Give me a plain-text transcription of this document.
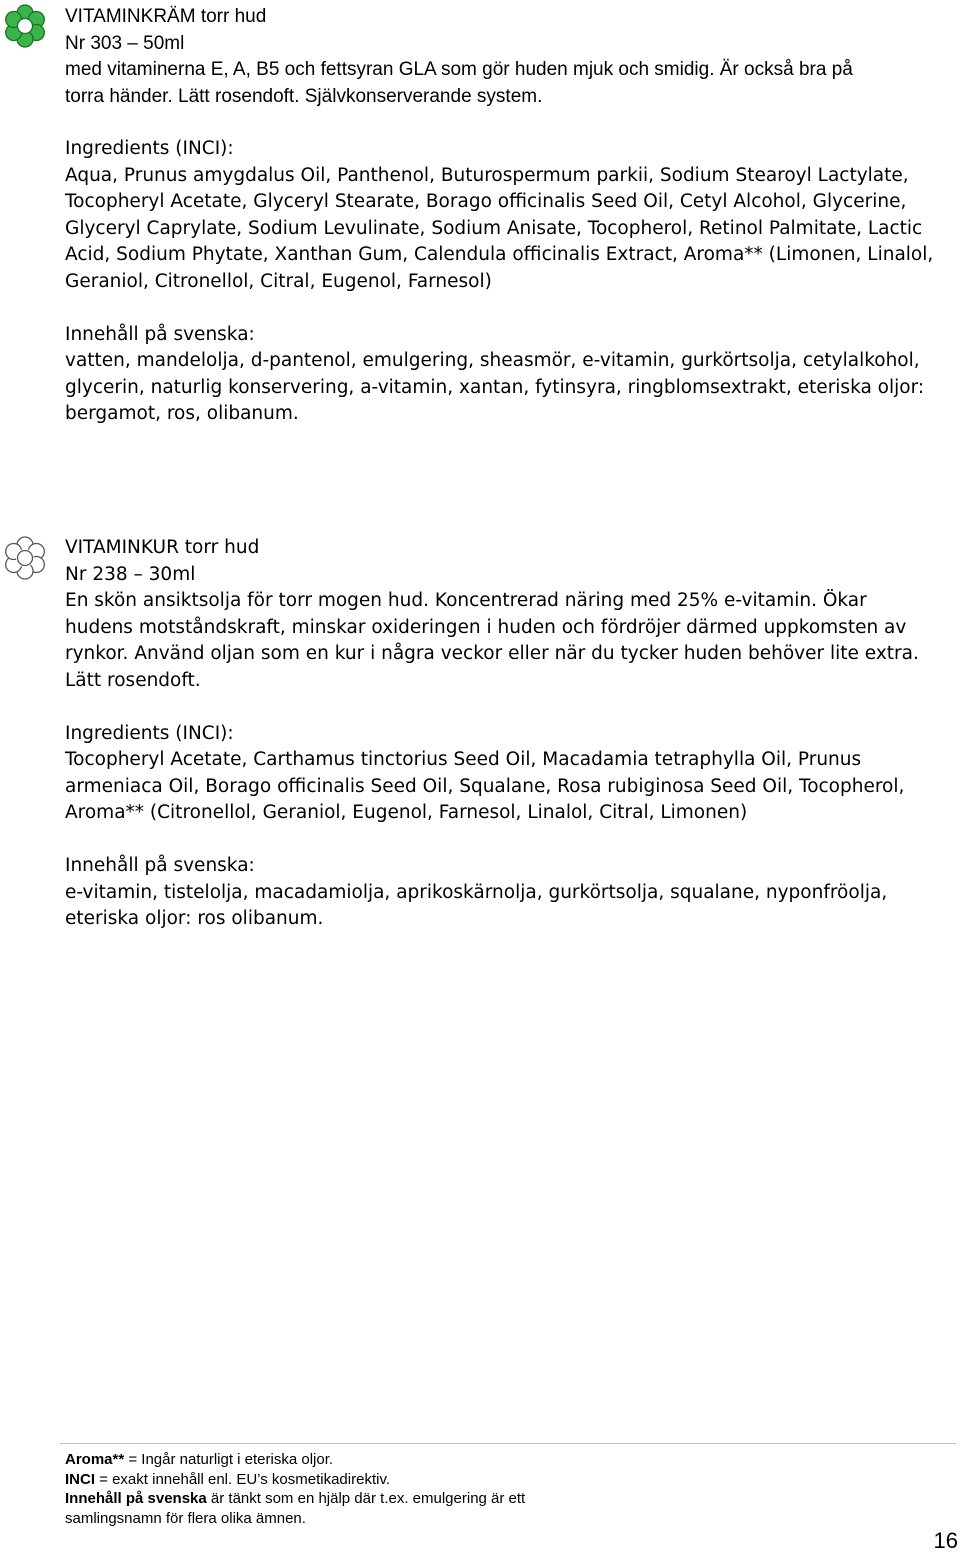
VITAMINKRÄM torr hud

Nr 303 – 50ml

med vitaminerna E, A, B5 och fettsyran GLA som gör huden mjuk och smidig. Är också bra på

torra händer. Lätt rosendoft. Självkonserverande system.

Ingredients (INCI):

Aqua, Prunus amygdalus Oil, Panthenol, Buturospermum parkii, Sodium Stearoyl Lactylate,

Tocopheryl Acetate, Glyceryl Stearate, Borago officinalis Seed Oil, Cetyl Alcohol, Glycerine,

Glyceryl Caprylate, Sodium Levulinate, Sodium Anisate, Tocopherol, Retinol Palmitate, Lactic

Acid, Sodium Phytate, Xanthan Gum, Calendula officinalis Extract, Aroma** (Limonen, Linalol,

Geraniol, Citronellol, Citral, Eugenol, Farnesol)

Innehåll på svenska:

vatten, mandelolja, d-pantenol, emulgering, sheasmör, e-vitamin, gurkörtsolja, cetylalkohol,

glycerin, naturlig konservering, a-vitamin, xantan, fytinsyra, ringblomsextrakt, eteriska oljor:

bergamot, ros, olibanum.

VITAMINKUR torr hud

Nr 238 – 30ml

En skön ansiktsolja för torr mogen hud. Koncentrerad näring med 25% e-vitamin. Ökar

hudens motståndskraft, minskar oxideringen i huden och fördröjer därmed uppkomsten av

rynkor. Använd oljan som en kur i några veckor eller när du tycker huden behöver lite extra.

Lätt rosendoft.

Ingredients (INCI):

Tocopheryl Acetate, Carthamus tinctorius Seed Oil, Macadamia tetraphylla Oil, Prunus

armeniaca Oil, Borago officinalis Seed Oil, Squalane, Rosa rubiginosa Seed Oil, Tocopherol,

Aroma** (Citronellol, Geraniol, Eugenol, Farnesol, Linalol, Citral, Limonen)

Innehåll på svenska:

e-vitamin, tistelolja, macadamiolja, aprikoskärnolja, gurkörtsolja, squalane, nyponfröolja,

eteriska oljor: ros olibanum.

Aroma** = Ingår naturligt i eteriska oljor.

INCI = exakt innehåll enl. EU’s kosmetikadirektiv.

Innehåll på svenska är tänkt som en hjälp där t.ex. emulgering är ett

samlingsnamn för flera olika ämnen.

16
